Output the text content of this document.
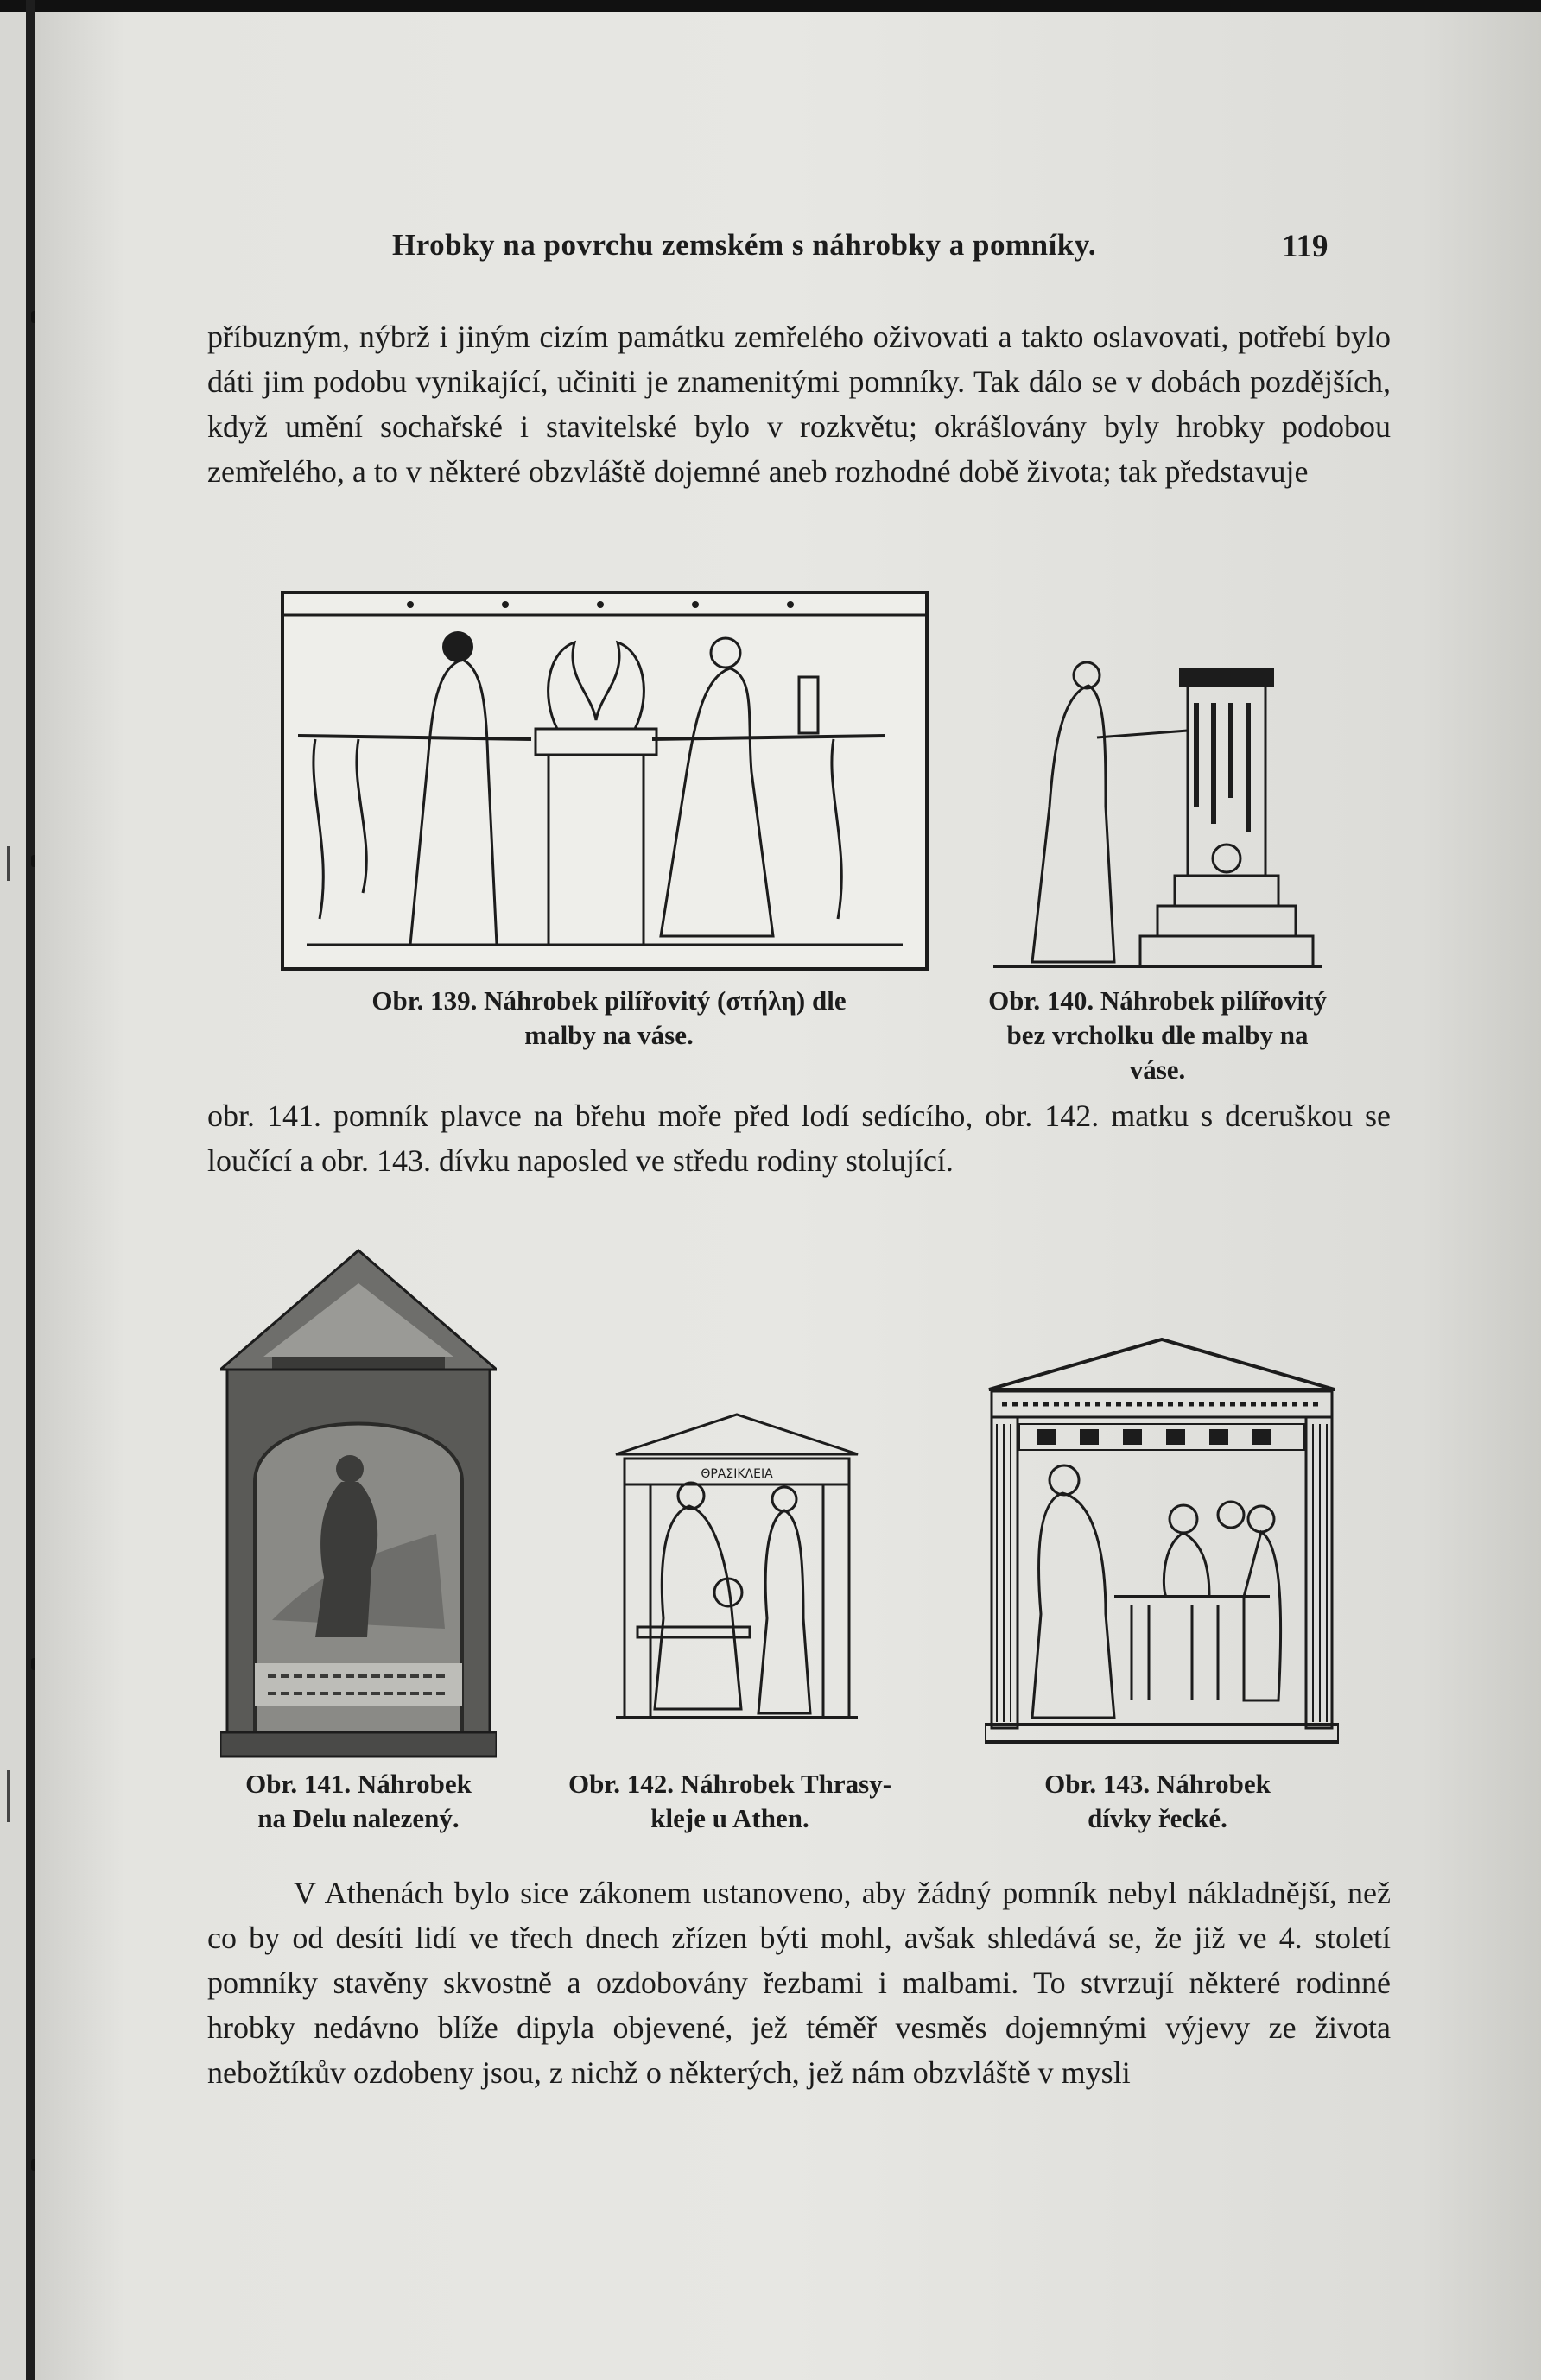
Hrobky na povrchu zemském s náhrobky a pomníky.	119

příbuzným, nýbrž i jiným cizím památku zemřelého oživovati a takto oslavovati, potřebí bylo dáti jim podobu vynikající, učiniti je znamenitými pomníky. Tak dálo se v dobách pozdějších, když umění sochařské i stavitelské bylo v rozkvětu; okrášlovány byly hrobky podobou zemřelého, a to v některé obzvláště dojemné aneb rozhodné době života; tak představuje

Obr. 139. Náhrobek pilířovitý (στήλη) dle
malby na váse.

Obr. 140. Náhrobek pilířovitý
bez vrcholku dle malby na váse.

obr. 141. pomník plavce na břehu moře před lodí sedícího, obr. 142. matku s dceruškou se loučící a obr. 143. dívku naposled ve středu rodiny stolující.

Obr. 141. Náhrobek
na Delu nalezený.

ΘΡΑΣΙΚΛΕΙΑ

Obr. 142. Náhrobek Thrasy-
kleje u Athen.

Obr. 143. Náhrobek
dívky řecké.

V Athenách bylo sice zákonem ustanoveno, aby žádný pomník nebyl nákladnější, než co by od desíti lidí ve třech dnech zřízen býti mohl, avšak shledává se, že již ve 4. století pomníky stavěny skvostně a ozdobovány řezbami i malbami. To stvrzují některé rodinné hrobky nedávno blíže dipyla objevené, jež téměř vesměs dojemnými výjevy ze života nebožtíkův ozdobeny jsou, z nichž o některých, jež nám obzvláště v mysli
